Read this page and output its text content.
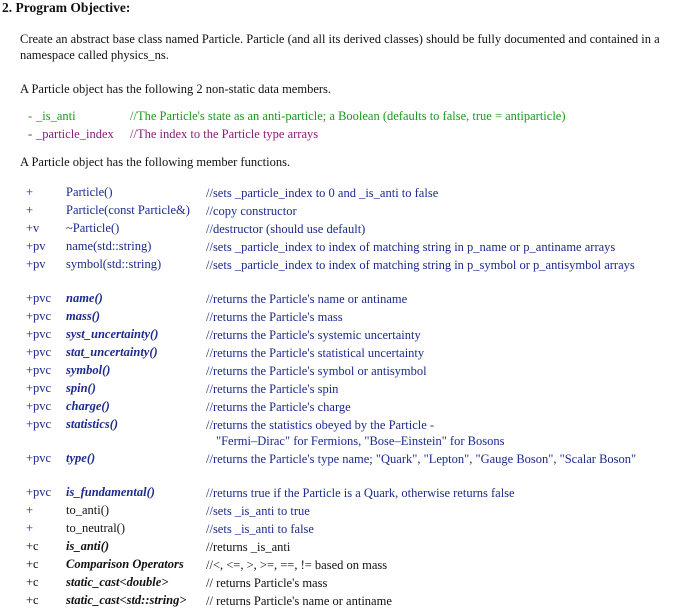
2. Program Objective:
Create an abstract base class named Particle. Particle (and all its derived classes) should be fully documented and contained in a namespace called physics_ns.
A Particle object has the following 2 non-static data members.
- _is_anti	//The Particle's state as an anti-particle; a Boolean (defaults to false, true = antiparticle)
- _particle_index //The index to the Particle type arrays
A Particle object has the following member functions.
+	Particle()	//sets _particle_index to 0 and _is_anti to false
+	Particle(const Particle&) //copy constructor
+v ~Particle()	//destructor (should use default)
+pv name(std::string)	//sets _particle_index to index of matching string in p_name or p_antiname arrays
+pv symbol(std::string)	//sets _particle_index to index of matching string in p_symbol or p_antisymbol arrays
+pvc name()	//returns the Particle's name or antiname
+pvc mass()	//returns the Particle's mass
+pvc syst_uncertainty()	//returns the Particle's systemic uncertainty
+pvc stat_uncertainty()	//returns the Particle's statistical uncertainty
+pvc symbol()	//returns the Particle's symbol or antisymbol
+pvc spin()	//returns the Particle's spin
+pvc charge()	//returns the Particle's charge
+pvc statistics()	//returns the statistics obeyed by the Particle -
"Fermi–Dirac" for Fermions, "Bose–Einstein" for Bosons
+pvc type()	//returns the Particle's type name; "Quark", "Lepton", "Gauge Boson", "Scalar Boson"
+pvc is_fundamental()	//returns true if the Particle is a Quark, otherwise returns false
+	to_anti()	//sets _is_anti to true
+	to_neutral()	//sets _is_anti to false
+c is_anti()	//returns _is_anti
+c Comparison Operators //<, <=, >, >=, ==, != based on mass
+c static_cast<double>	// returns Particle's mass
+c static_cast<std::string> // returns Particle's name or antiname
